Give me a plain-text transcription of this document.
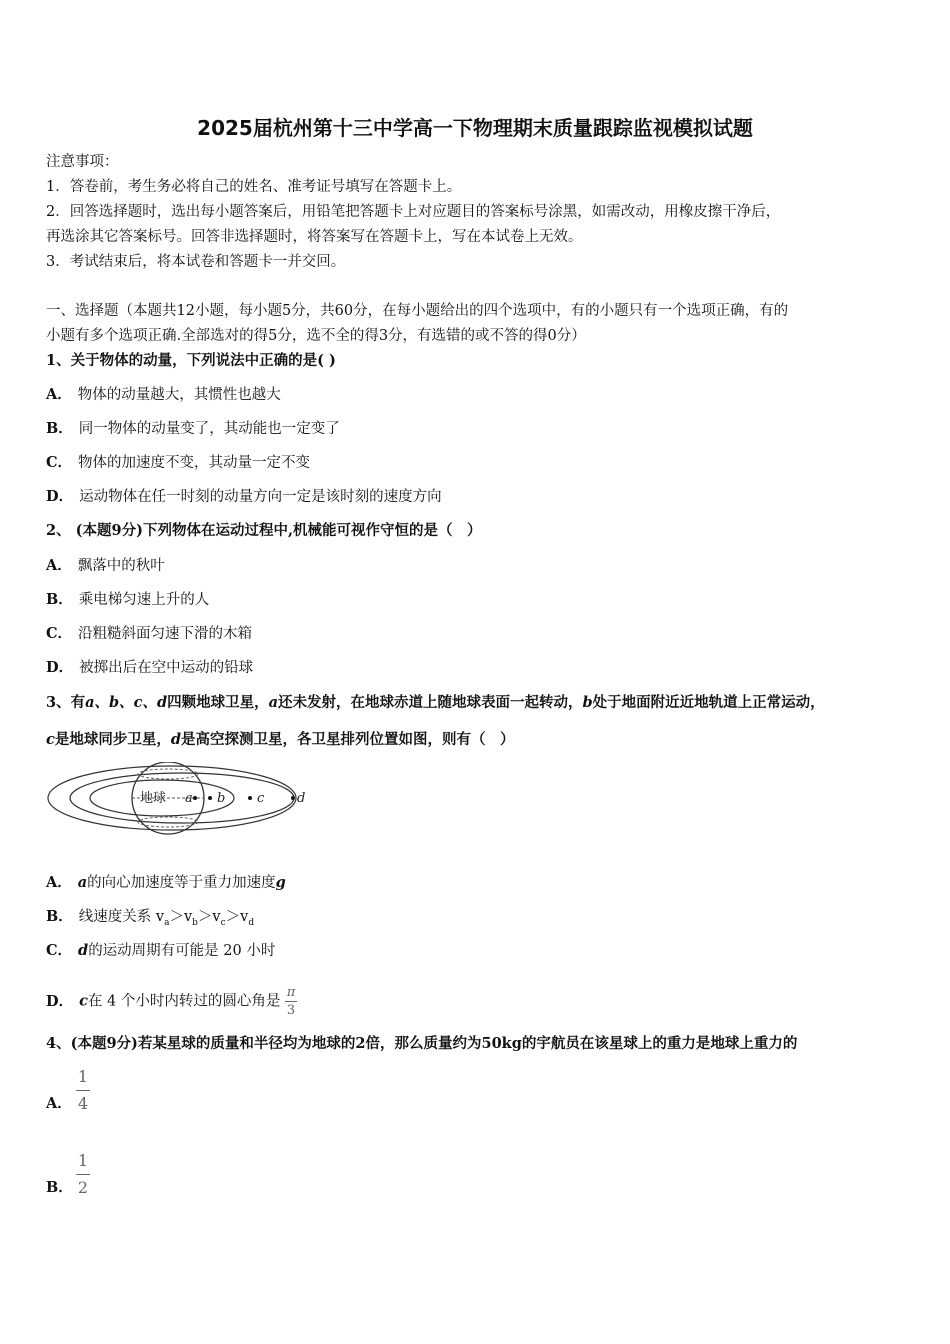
2025届杭州第十三中学高一下物理期末质量跟踪监视模拟试题
注意事项：
1．答卷前，考生务必将自己的姓名、准考证号填写在答题卡上。
2．回答选择题时，选出每小题答案后，用铅笔把答题卡上对应题目的答案标号涂黑，如需改动，用橡皮擦干净后，
再选涂其它答案标号。回答非选择题时，将答案写在答题卡上，写在本试卷上无效。
3．考试结束后，将本试卷和答题卡一并交回。
一、选择题（本题共12小题，每小题5分，共60分，在每小题给出的四个选项中，有的小题只有一个选项正确，有的
小题有多个选项正确.全部选对的得5分，选不全的得3分，有选错的或不答的得0分）
1、关于物体的动量，下列说法中正确的是( )
A． 物体的动量越大，其惯性也越大
B． 同一物体的动量变了，其动能也一定变了
C． 物体的加速度不变，其动量一定不变
D． 运动物体在任一时刻的动量方向一定是该时刻的速度方向
2、 (本题9分)下列物体在运动过程中,机械能可视作守恒的是（　）
A． 飘落中的秋叶
B． 乘电梯匀速上升的人
C． 沿粗糙斜面匀速下滑的木箱
D． 被掷出后在空中运动的铅球
3、有a、b、c、d四颗地球卫星，a还未发射，在地球赤道上随地球表面一起转动，b处于地面附近近地轨道上正常运动，
c是地球同步卫星，d是高空探测卫星，各卫星排列位置如图，则有（　）
地球 a b c	d
A． a的向心加速度等于重力加速度g
B． 线速度关系 $v_a>v_b>v_c>v_d$
C． d的运动周期有可能是 20 小时
D． c在 4 个小时内转过的圆心角是 $\frac{\pi}{3}$
4、(本题9分)若某星球的质量和半径均为地球的2倍，那么质量约为50kg的宇航员在该星球上的重力是地球上重力的
A．
1
4
B．
1
2
